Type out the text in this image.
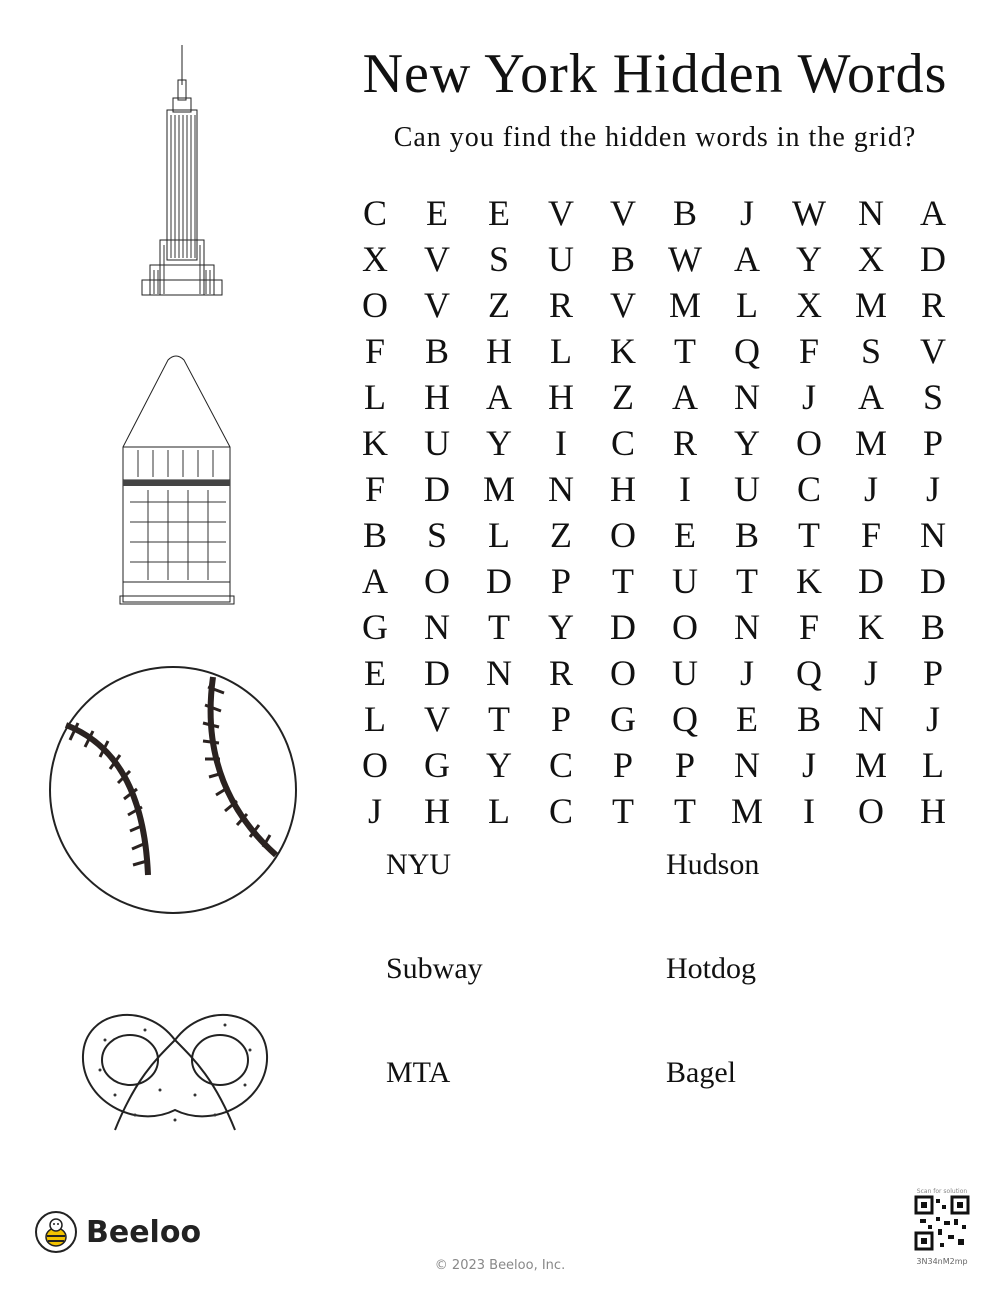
New York Hidden Words
Can you find the hidden words in the grid?
C	E	E	V	V	B	J	W N	A
X	V	S	U	B W A	Y	X	D
O	V	Z	R	V M L	X M R
F	B	H	L	K	T	Q	F	S	V
L	H	A	H	Z	A	N	J	A	S
K	U	Y	I	C	R	Y	O M P
F	D M N	H	I	U	C	J	J
B	S	L	Z	O	E	B	T	F	N
A	O	D	P	T	U	T	K	D	D
G	N	T	Y	D	O	N	F	K	B
E	D	N	R	O	U	J	Q	J	P
L	V	T	P	G	Q	E	B	N	J
O	G	Y	C	P	P	N	J	M L
J	H	L	C	T	T M	I	O	H
NYU	Hudson
Subway	Hotdog
MTA	Bagel
Beeloo
© 2023 Beeloo, Inc.
Scan for solution
3N34nM2mp
